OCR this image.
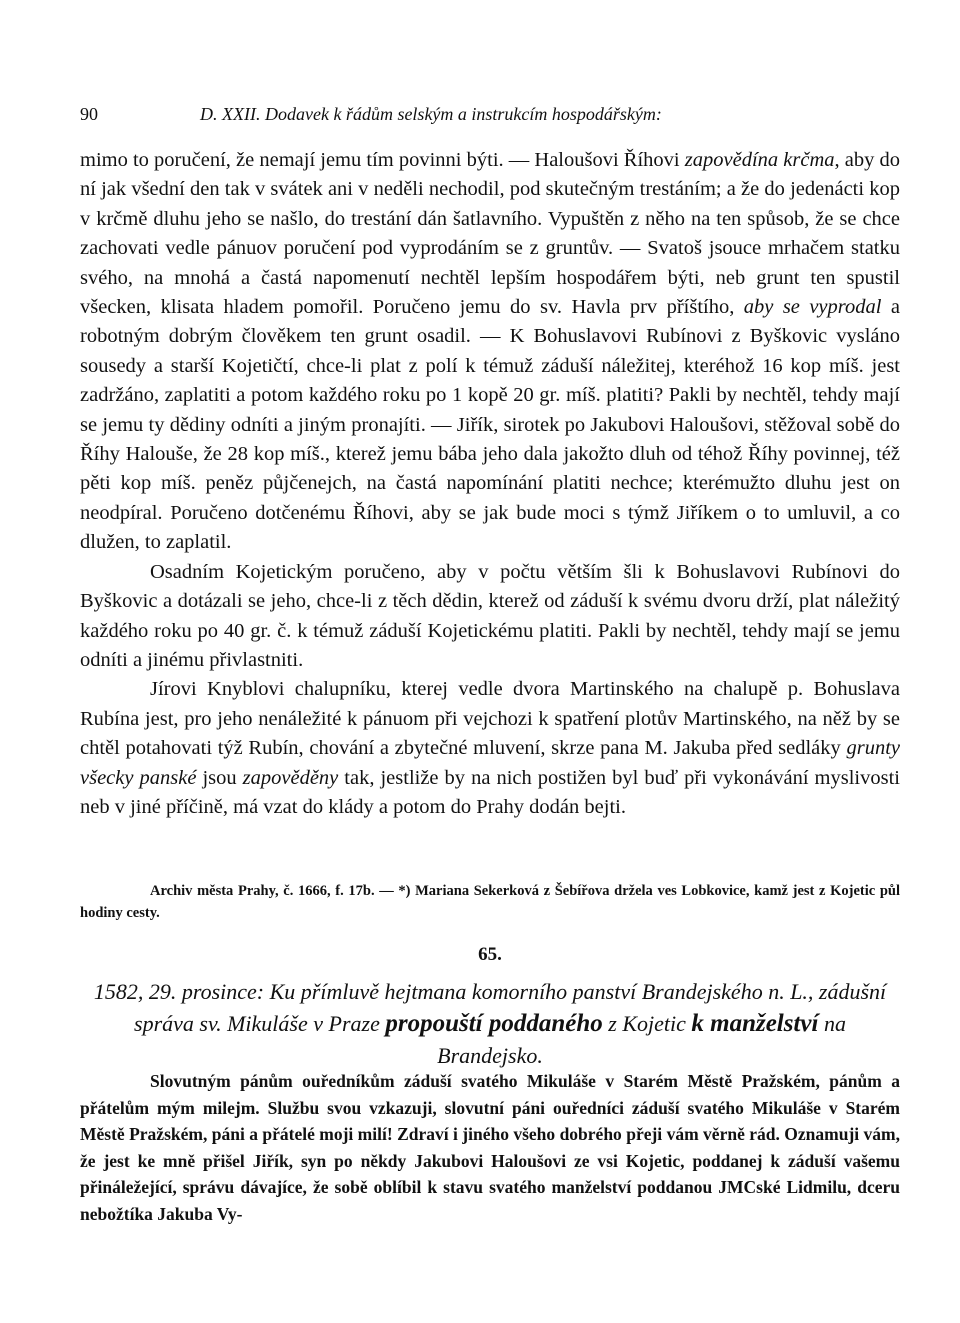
90	D. XXII. Dodavek k řádům selským a instrukcím hospodářským:

mimo to poručení, že nemají jemu tím povinni býti. — Haloušovi Říhovi zapovědína krčma, aby do ní jak všední den tak v svátek ani v neděli nechodil, pod skutečným trestáním; a že do jedenácti kop v krčmě dluhu jeho se našlo, do trestání dán šatlavního. Vypuštěn z něho na ten spůsob, že se chce zachovati vedle pánuov poručení pod vyprodáním se z gruntův. — Svatoš jsouce mrhačem statku svého, na mnohá a častá napomenutí nechtěl lepším hospodářem býti, neb grunt ten spustil všecken, klisata hladem pomořil. Poručeno jemu do sv. Havla prv příštího, aby se vyprodal a robotným dobrým člověkem ten grunt osadil. — K Bohuslavovi Rubínovi z Byškovic vysláno sousedy a starší Kojetičtí, chce-li plat z polí k témuž záduší náležitej, kteréhož 16 kop míš. jest zadržáno, zaplatiti a potom každého roku po 1 kopě 20 gr. míš. platiti? Pakli by nechtěl, tehdy mají se jemu ty dědiny odníti a jiným pronajíti. — Jiřík, sirotek po Jakubovi Haloušovi, stěžoval sobě do Říhy Halouše, že 28 kop míš., kterež jemu bába jeho dala jakožto dluh od téhož Říhy povinnej, též pěti kop míš. peněz půjčenejch, na častá napomínání platiti nechce; kterémužto dluhu jest on neodpíral. Poručeno dotčenému Říhovi, aby se jak bude moci s týmž Jiříkem o to umluvil, a co dlužen, to zaplatil.

Osadním Kojetickým poručeno, aby v počtu větším šli k Bohuslavovi Rubínovi do Byškovic a dotázali se jeho, chce-li z těch dědin, kterež od záduší k svému dvoru drží, plat náležitý každého roku po 40 gr. č. k témuž záduší Kojetickému platiti. Pakli by nechtěl, tehdy mají se jemu odníti a jinému přivlastniti.

Jírovi Knyblovi chalupníku, kterej vedle dvora Martinského na chalupě p. Bohuslava Rubína jest, pro jeho nenáležité k pánuom při vejchozi k spatření plotův Martinského, na něž by se chtěl potahovati týž Rubín, chování a zbytečné mluvení, skrze pana M. Jakuba před sedláky grunty všecky panské jsou zapověděny tak, jestliže by na nich postižen byl buď při vykonávání myslivosti neb v jiné příčině, má vzat do klády a potom do Prahy dodán bejti.

Archiv města Prahy, č. 1666, f. 17b. — *) Mariana Sekerková z Šebířova držela ves Lobkovice, kamž jest z Kojetic půl hodiny cesty.
65.
1582, 29. prosince: Ku přímluvě hejtmana komorního panství Brandejského n. L., zádušní správa sv. Mikuláše v Praze propouští poddaného z Kojetic k manželství na Brandejsko.
Slovutným pánům ouředníkům záduší svatého Mikuláše v Starém Městě Pražském, pánům a přátelům mým milejm. Službu svou vzkazuji, slovutní páni ouředníci záduší svatého Mikuláše v Starém Městě Pražském, páni a přátelé moji milí! Zdraví i jiného všeho dobrého přeji vám věrně rád. Oznamuji vám, že jest ke mně přišel Jiřík, syn po někdy Jakubovi Haloušovi ze vsi Kojetic, poddanej k záduší vašemu přináležející, správu dávajíce, že sobě oblíbil k stavu svatého manželství poddanou JMCské Lidmilu, dceru nebožtíka Jakuba Vy-
